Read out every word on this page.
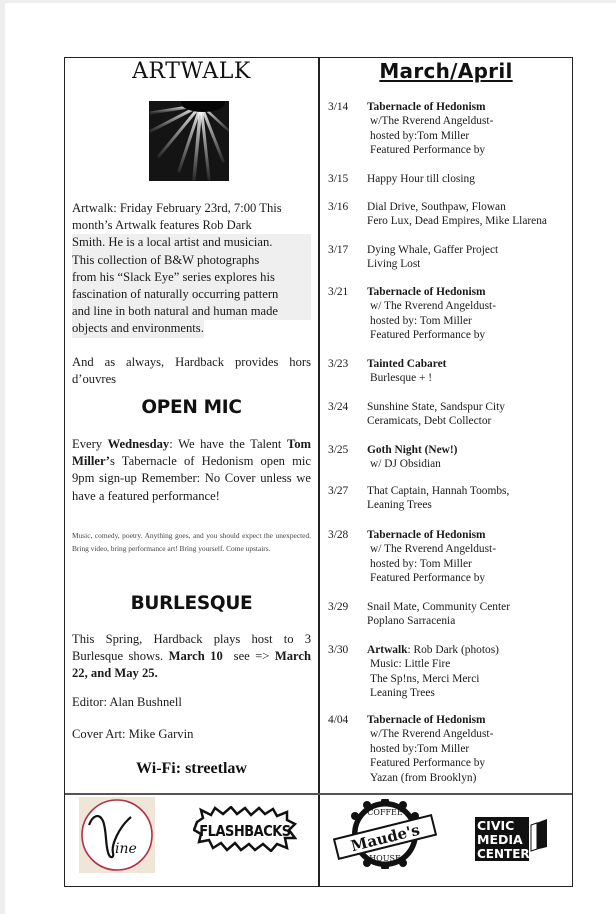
ARTWALK
Artwalk: Friday February 23rd, 7:00 This
month’s Artwalk features Rob Dark
Smith. He is a local artist and musician.
This collection of B&W photographs
from his “Slack Eye” series explores his
fascination of naturally occurring pattern
and line in both natural and human made
objects and environments.
And as always, Hardback provides hors d’ouvres
OPEN MIC
Every Wednesday: We have the Talent Tom Miller’s Tabernacle of Hedonism open mic 9pm sign-up Remember: No Cover unless we have a featured performance!
Music, comedy, poetry. Anything goes, and you should expect the unexpected. Bring video, bring performance art! Bring yourself. Come upstairs.
BURLESQUE
This Spring, Hardback plays host to 3 Burlesque shows. March 10  see => March 22, and May 25.
Editor: Alan Bushnell
Cover Art: Mike Garvin
Wi-Fi: streetlaw
March/April
3/14 Tabernacle of Hedonism
w/The Rverend Angeldust-
hosted by:Tom Miller
Featured Performance by
3/15 Happy Hour till closing
3/16 Dial Drive, Southpaw, Flowan
Fero Lux, Dead Empires, Mike Llarena
3/17 Dying Whale, Gaffer Project
Living Lost
3/21 Tabernacle of Hedonism
w/ The Rverend Angeldust-
hosted by: Tom Miller
Featured Performance by
3/23 Tainted Cabaret
Burlesque + !
3/24 Sunshine State, Sandspur City
Ceramicats, Debt Collector
3/25 Goth Night (New!)
w/ DJ Obsidian
3/27 That Captain, Hannah Toombs,
Leaning Trees
3/28 Tabernacle of Hedonism
w/ The Rverend Angeldust-
hosted by: Tom Miller
Featured Performance by
3/29 Snail Mate, Community Center
Poplano Sarracenia
3/30 Artwalk: Rob Dark (photos)
Music: Little Fire
The Sp!ns, Merci Merci
Leaning Trees
4/04 Tabernacle of Hedonism
w/The Rverend Angeldust-
hosted by:Tom Miller
Featured Performance by
Yazan (from Brooklyn)
ine
FLASHBACKS
COFFEE
Maude's
HOUSE
CIVIC
MEDIA
CENTER
